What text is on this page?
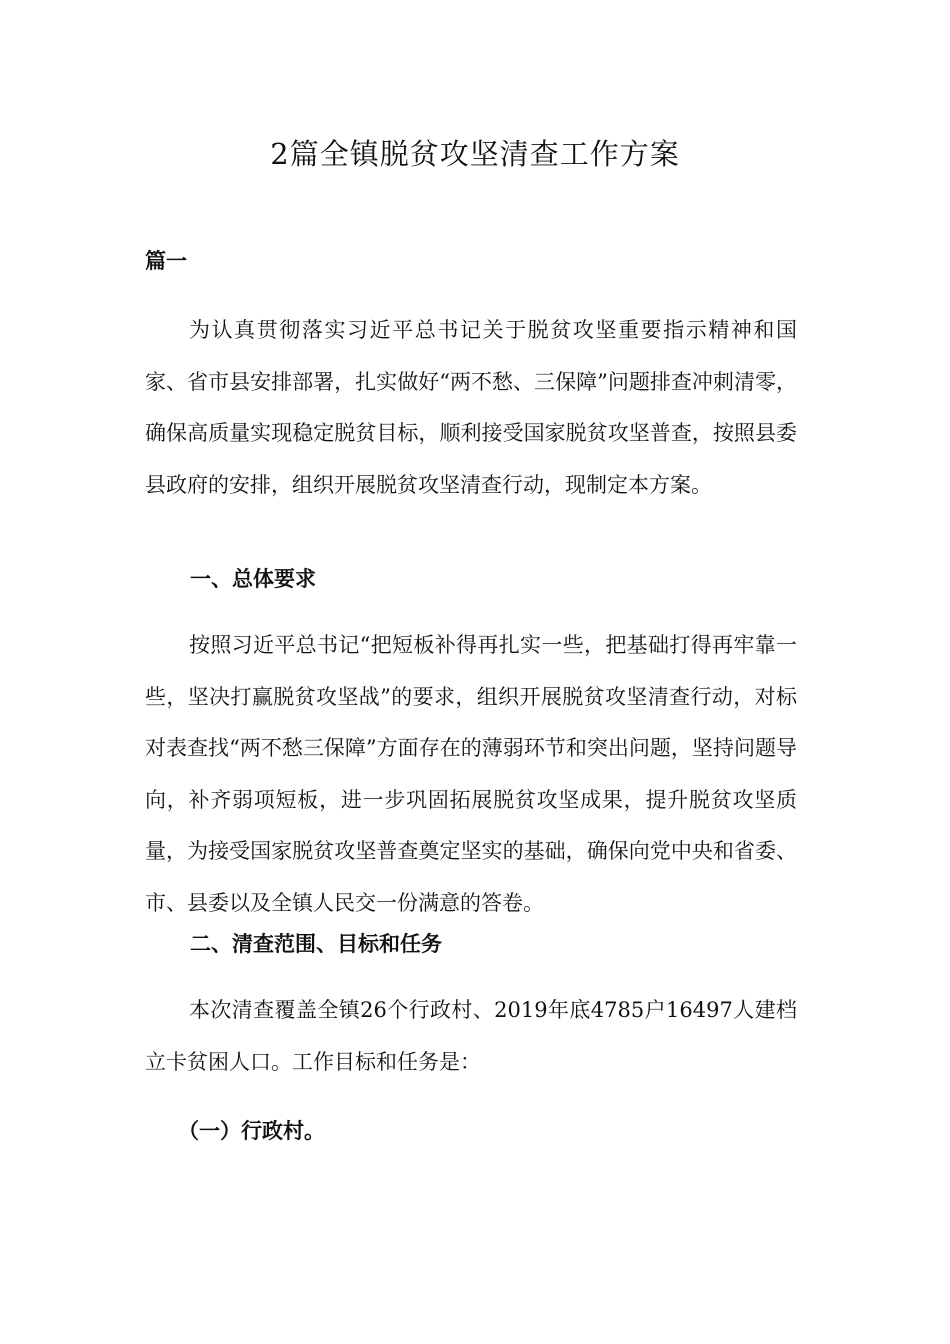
2篇全镇脱贫攻坚清查工作方案
篇一

为认真贯彻落实习近平总书记关于脱贫攻坚重要指示精神和国家、省市县安排部署，扎实做好“两不愁、三保障”问题排查冲刺清零，确保高质量实现稳定脱贫目标，顺利接受国家脱贫攻坚普查，按照县委县政府的安排，组织开展脱贫攻坚清查行动，现制定本方案。

一、总体要求

按照习近平总书记“把短板补得再扎实一些，把基础打得再牢靠一些，坚决打赢脱贫攻坚战”的要求，组织开展脱贫攻坚清查行动，对标对表查找“两不愁三保障”方面存在的薄弱环节和突出问题，坚持问题导向，补齐弱项短板，进一步巩固拓展脱贫攻坚成果，提升脱贫攻坚质量，为接受国家脱贫攻坚普查奠定坚实的基础，确保向党中央和省委、市、县委以及全镇人民交一份满意的答卷。

二、清查范围、目标和任务

本次清查覆盖全镇26个行政村、2019年底4785户16497人建档立卡贫困人口。工作目标和任务是：

（一）行政村。
